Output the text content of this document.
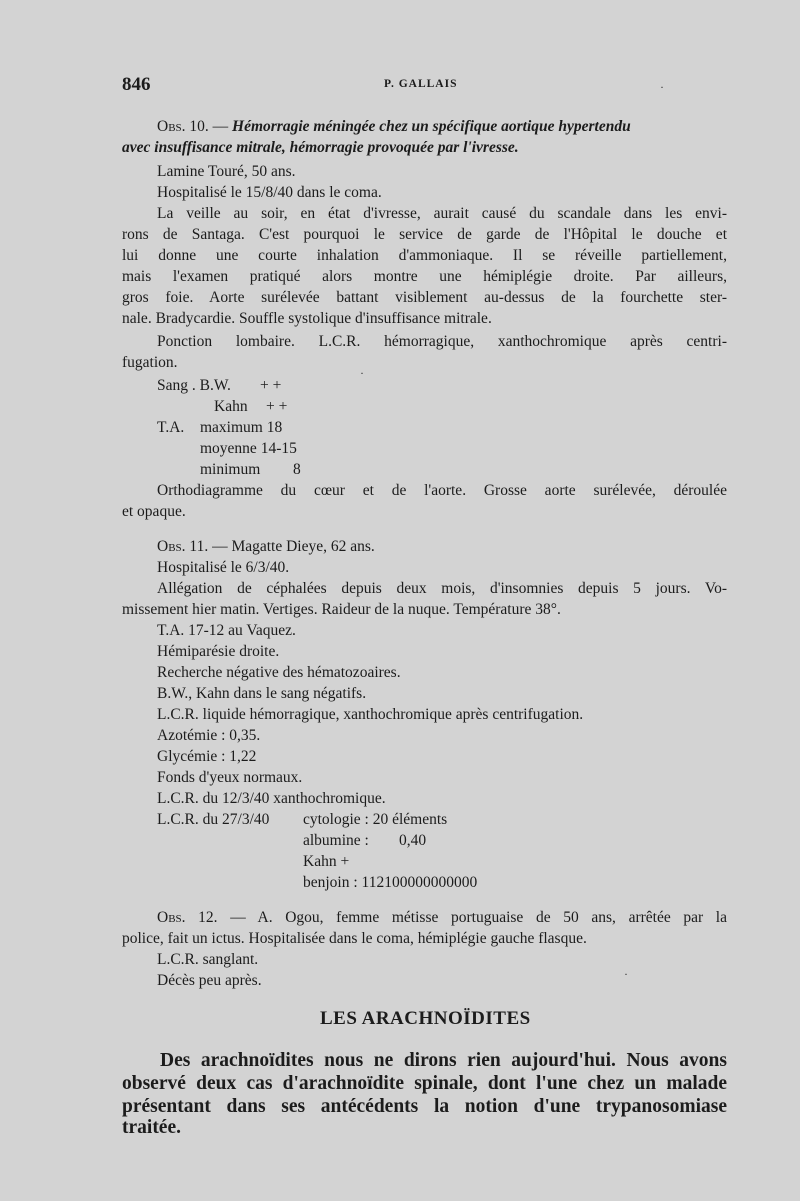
846	P. GALLAIS
Obs. 10. — Hémorragie méningée chez un spécifique aortique hypertendu
avec insuffisance mitrale, hémorragie provoquée par l'ivresse.
Lamine Touré, 50 ans.
Hospitalisé le 15/8/40 dans le coma.
La veille au soir, en état d'ivresse, aurait causé du scandale dans les envi-
rons de Santaga. C'est pourquoi le service de garde de l'Hôpital le douche et
lui donne une courte inhalation d'ammoniaque. Il se réveille partiellement,
mais l'examen pratiqué alors montre une hémiplégie droite. Par ailleurs,
gros foie. Aorte surélevée battant visiblement au-dessus de la fourchette ster-
nale. Bradycardie. Souffle systolique d'insuffisance mitrale.
Ponction lombaire. L.C.R. hémorragique, xanthochromique après centri-
fugation.
Sang . B.W. + +
Kahn + +
T.A. maximum 18
moyenne 14-15
minimum 8
Orthodiagramme du cœur et de l'aorte. Grosse aorte surélevée, déroulée
et opaque.
Obs. 11. — Magatte Dieye, 62 ans.
Hospitalisé le 6/3/40.
Allégation de céphalées depuis deux mois, d'insomnies depuis 5 jours. Vo-
missement hier matin. Vertiges. Raideur de la nuque. Température 38°.
T.A. 17-12 au Vaquez.
Hémiparésie droite.
Recherche négative des hématozoaires.
B.W., Kahn dans le sang négatifs.
L.C.R. liquide hémorragique, xanthochromique après centrifugation.
Azotémie : 0,35.
Glycémie : 1,22
Fonds d'yeux normaux.
L.C.R. du 12/3/40 xanthochromique.
L.C.R. du 27/3/40 cytologie : 20 éléments
albumine : 0,40
Kahn +
benjoin : 112100000000000
Obs. 12. — A. Ogou, femme métisse portuguaise de 50 ans, arrêtée par la
police, fait un ictus. Hospitalisée dans le coma, hémiplégie gauche flasque.
L.C.R. sanglant.
Décès peu après.
LES ARACHNOÏDITES
Des arachnoïdites nous ne dirons rien aujourd'hui. Nous avons
observé deux cas d'arachnoïdite spinale, dont l'une chez un malade
présentant dans ses antécédents la notion d'une trypanosomiase
traitée.
·
·
·
